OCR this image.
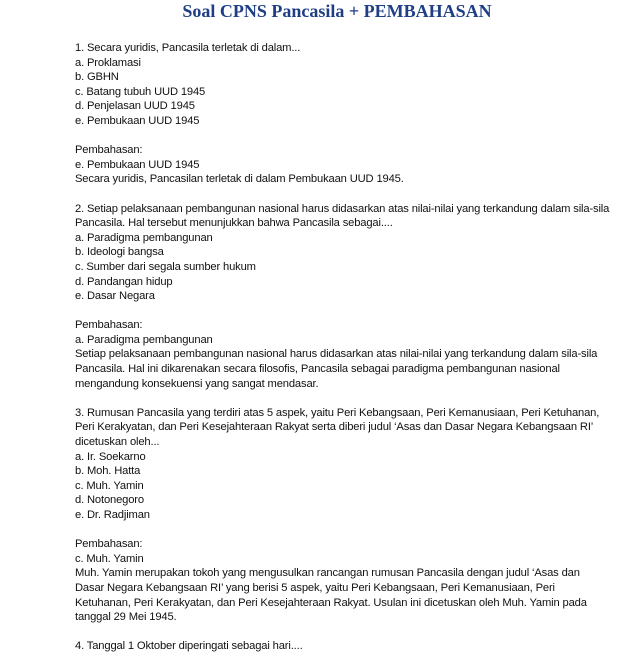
Soal CPNS Pancasila + PEMBAHASAN
1. Secara yuridis, Pancasila terletak di dalam...
a. Proklamasi
b. GBHN
c. Batang tubuh UUD 1945
d. Penjelasan UUD 1945
e. Pembukaan UUD 1945
Pembahasan:
e. Pembukaan UUD 1945
Secara yuridis, Pancasilan terletak di dalam Pembukaan UUD 1945.
2. Setiap pelaksanaan pembangunan nasional harus didasarkan atas nilai-nilai yang terkandung dalam sila-sila Pancasila. Hal tersebut menunjukkan bahwa Pancasila sebagai....
a. Paradigma pembangunan
b. Ideologi bangsa
c. Sumber dari segala sumber hukum
d. Pandangan hidup
e. Dasar Negara
Pembahasan:
a. Paradigma pembangunan
Setiap pelaksanaan pembangunan nasional harus didasarkan atas nilai-nilai yang terkandung dalam sila-sila Pancasila. Hal ini dikarenakan secara filosofis, Pancasila sebagai paradigma pembangunan nasional mengandung konsekuensi yang sangat mendasar.
3. Rumusan Pancasila yang terdiri atas 5 aspek, yaitu Peri Kebangsaan, Peri Kemanusiaan, Peri Ketuhanan, Peri Kerakyatan, dan Peri Kesejahteraan Rakyat serta diberi judul ‘Asas dan Dasar Negara Kebangsaan RI’ dicetuskan oleh...
a. Ir. Soekarno
b. Moh. Hatta
c. Muh. Yamin
d. Notonegoro
e. Dr. Radjiman
Pembahasan:
c. Muh. Yamin
Muh. Yamin merupakan tokoh yang mengusulkan rancangan rumusan Pancasila dengan judul ‘Asas dan Dasar Negara Kebangsaan RI’ yang berisi 5 aspek, yaitu Peri Kebangsaan, Peri Kemanusiaan, Peri Ketuhanan, Peri Kerakyatan, dan Peri Kesejahteraan Rakyat. Usulan ini dicetuskan oleh Muh. Yamin pada tanggal 29 Mei 1945.
4. Tanggal 1 Oktober diperingati sebagai hari....
